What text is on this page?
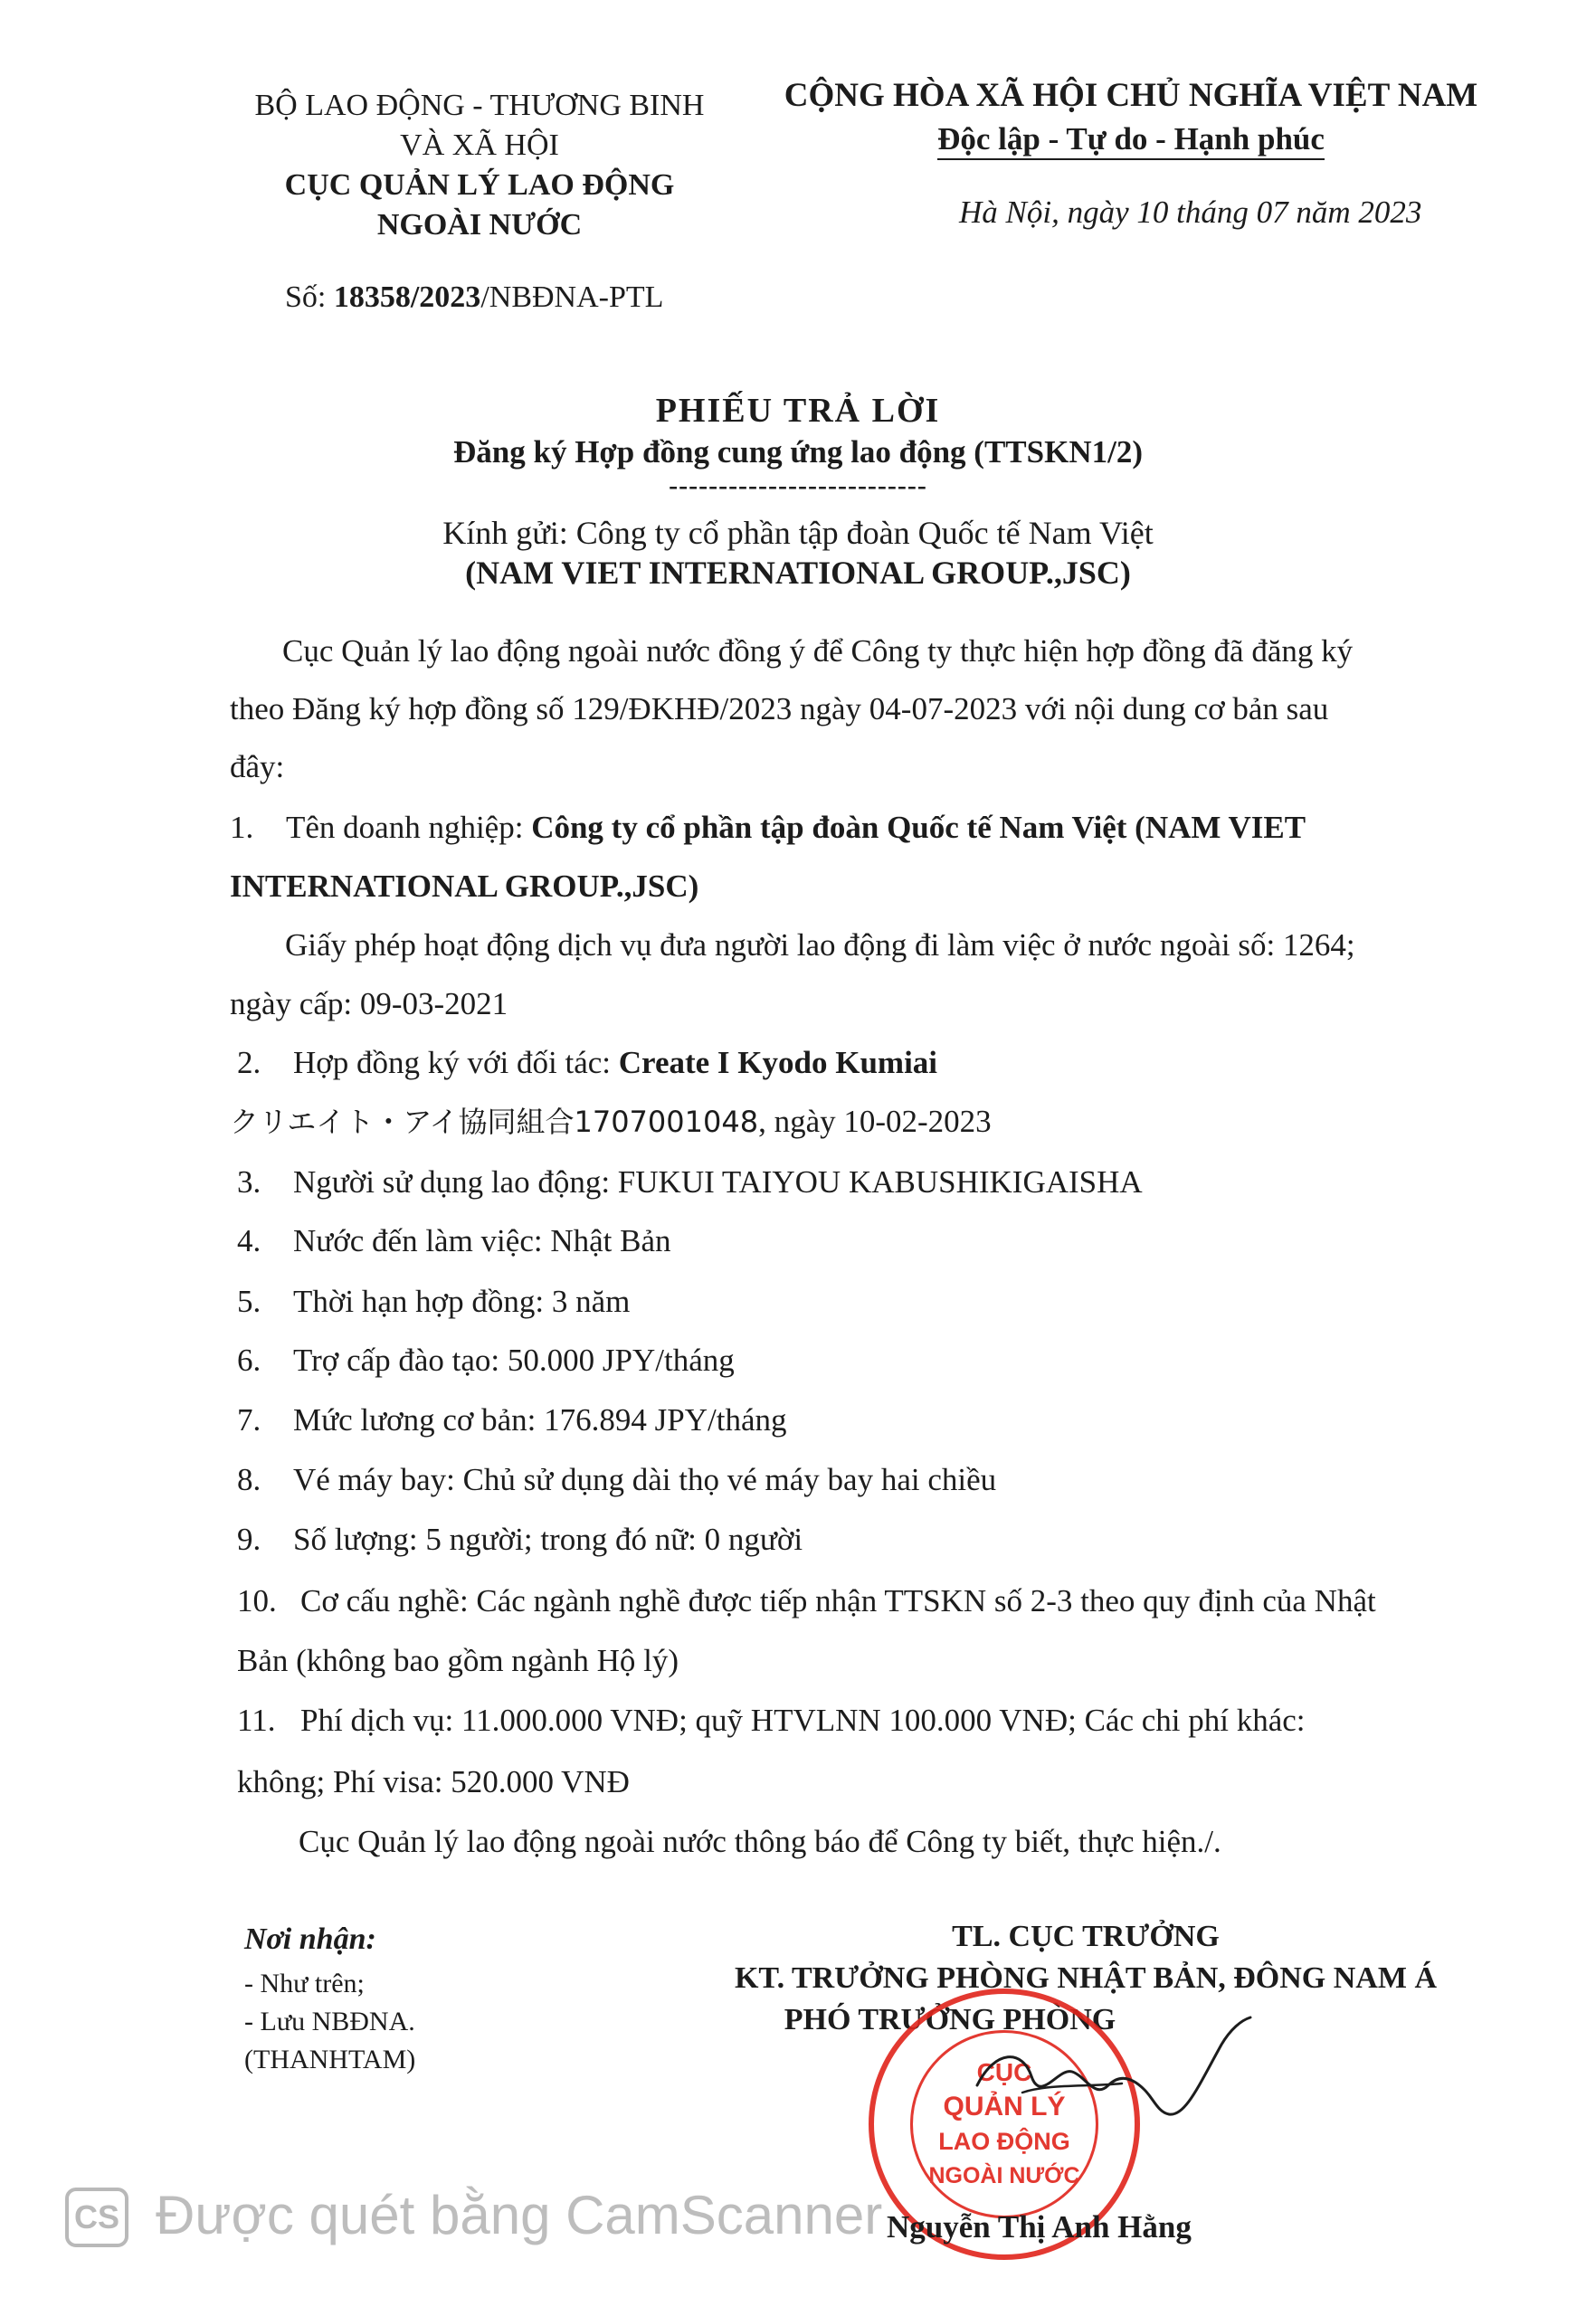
BỘ LAO ĐỘNG - THƯƠNG BINH
VÀ XÃ HỘI
CỤC QUẢN LÝ LAO ĐỘNG
NGOÀI NƯỚC
Số: 18358/2023/NBĐNA-PTL
CỘNG HÒA XÃ HỘI CHỦ NGHĨA VIỆT NAM
Độc lập - Tự do - Hạnh phúc
Hà Nội, ngày 10 tháng 07 năm 2023
PHIẾU TRẢ LỜI
Đăng ký Hợp đồng cung ứng lao động (TTSKN1/2)
--------------------------
Kính gửi: Công ty cổ phần tập đoàn Quốc tế Nam Việt
(NAM VIET INTERNATIONAL GROUP.,JSC)
Cục Quản lý lao động ngoài nước đồng ý để Công ty thực hiện hợp đồng đã đăng ký
theo Đăng ký hợp đồng số 129/ĐKHĐ/2023 ngày 04-07-2023 với nội dung cơ bản sau
đây:
1. Tên doanh nghiệp: Công ty cổ phần tập đoàn Quốc tế Nam Việt (NAM VIET
INTERNATIONAL GROUP.,JSC)
Giấy phép hoạt động dịch vụ đưa người lao động đi làm việc ở nước ngoài số: 1264;
ngày cấp: 09-03-2021
2. Hợp đồng ký với đối tác: Create I Kyodo Kumiai
クリエイト・アイ協同組合1707001048, ngày 10-02-2023
3. Người sử dụng lao động: FUKUI TAIYOU KABUSHIKIGAISHA
4. Nước đến làm việc: Nhật Bản
5. Thời hạn hợp đồng: 3 năm
6. Trợ cấp đào tạo: 50.000 JPY/tháng
7. Mức lương cơ bản: 176.894 JPY/tháng
8. Vé máy bay: Chủ sử dụng dài thọ vé máy bay hai chiều
9. Số lượng: 5 người; trong đó nữ: 0 người
10. Cơ cấu nghề: Các ngành nghề được tiếp nhận TTSKN số 2-3 theo quy định của Nhật
Bản (không bao gồm ngành Hộ lý)
11. Phí dịch vụ: 11.000.000 VNĐ; quỹ HTVLNN 100.000 VNĐ; Các chi phí khác:
không; Phí visa: 520.000 VNĐ
Cục Quản lý lao động ngoài nước thông báo để Công ty biết, thực hiện./.
Nơi nhận:
- Như trên;
- Lưu NBĐNA.
(THANHTAM)
TL. CỤC TRƯỞNG
KT. TRƯỞNG PHÒNG NHẬT BẢN, ĐÔNG NAM Á
PHÓ TRƯỞNG PHÒNG
CỤC
QUẢN LÝ
LAO ĐỘNG
NGOÀI NƯỚC
Nguyễn Thị Anh Hằng
CS Được quét bằng CamScanner
